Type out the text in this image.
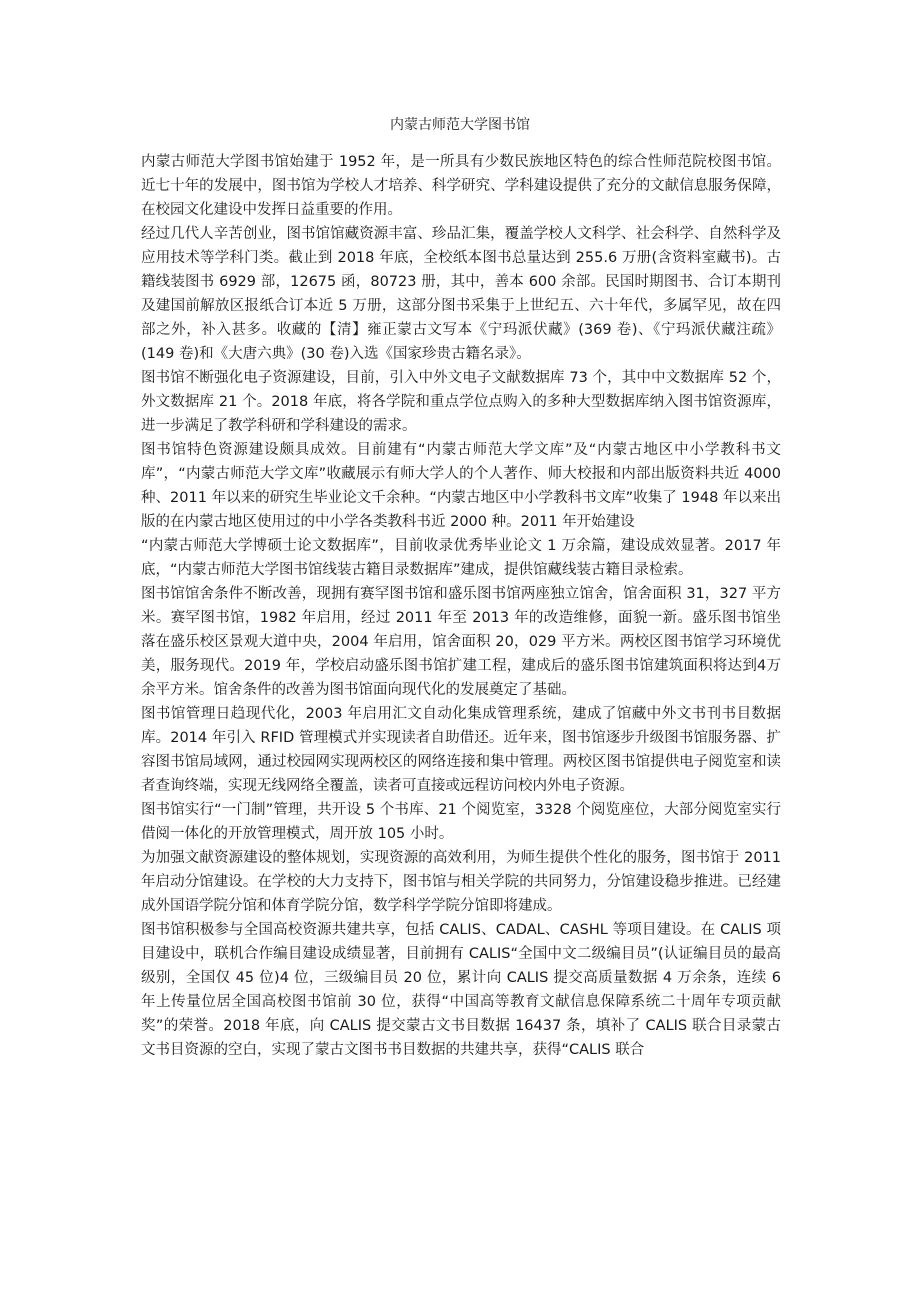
内蒙古师范大学图书馆

内蒙古师范大学图书馆始建于 1952 年，是一所具有少数民族地区特色的综合性师范院校图书馆。近七十年的发展中，图书馆为学校人才培养、科学研究、学科建设提供了充分的文献信息服务保障，在校园文化建设中发挥日益重要的作用。

经过几代人辛苦创业，图书馆馆藏资源丰富、珍品汇集，覆盖学校人文科学、社会科学、自然科学及应用技术等学科门类。截止到 2018 年底，全校纸本图书总量达到 255.6 万册(含资料室藏书)。古籍线装图书 6929 部，12675 函，80723 册，其中，善本 600 余部。民国时期图书、合订本期刊及建国前解放区报纸合订本近 5 万册，这部分图书采集于上世纪五、六十年代，多属罕见，故在四部之外，补入甚多。收藏的【清】雍正蒙古文写本《宁玛派伏藏》(369 卷)、《宁玛派伏藏注疏》(149 卷)和《大唐六典》(30 卷)入选《国家珍贵古籍名录》。

图书馆不断强化电子资源建设，目前，引入中外文电子文献数据库 73 个，其中中文数据库 52 个，外文数据库 21 个。2018 年底，将各学院和重点学位点购入的多种大型数据库纳入图书馆资源库，进一步满足了教学科研和学科建设的需求。

图书馆特色资源建设颇具成效。目前建有“内蒙古师范大学文库”及“内蒙古地区中小学教科书文库”，“内蒙古师范大学文库”收藏展示有师大学人的个人著作、师大校报和内部出版资料共近 4000 种、2011 年以来的研究生毕业论文千余种。“内蒙古地区中小学教科书文库”收集了 1948 年以来出版的在内蒙古地区使用过的中小学各类教科书近 2000 种。2011 年开始建设

“内蒙古师范大学博硕士论文数据库”，目前收录优秀毕业论文 1 万余篇，建设成效显著。2017 年底，“内蒙古师范大学图书馆线装古籍目录数据库”建成，提供馆藏线装古籍目录检索。

图书馆馆舍条件不断改善，现拥有赛罕图书馆和盛乐图书馆两座独立馆舍，馆舍面积 31，327 平方米。赛罕图书馆，1982 年启用，经过 2011 年至 2013 年的改造维修，面貌一新。盛乐图书馆坐落在盛乐校区景观大道中央，2004 年启用，馆舍面积 20，029 平方米。两校区图书馆学习环境优美，服务现代。2019 年，学校启动盛乐图书馆扩建工程，建成后的盛乐图书馆建筑面积将达到4万余平方米。馆舍条件的改善为图书馆面向现代化的发展奠定了基础。

图书馆管理日趋现代化，2003 年启用汇文自动化集成管理系统，建成了馆藏中外文书刊书目数据库。2014 年引入 RFID 管理模式并实现读者自助借还。近年来，图书馆逐步升级图书馆服务器、扩容图书馆局域网，通过校园网实现两校区的网络连接和集中管理。两校区图书馆提供电子阅览室和读者查询终端，实现无线网络全覆盖，读者可直接或远程访问校内外电子资源。

图书馆实行“一门制”管理，共开设 5 个书库、21 个阅览室，3328 个阅览座位，大部分阅览室实行借阅一体化的开放管理模式，周开放 105 小时。

为加强文献资源建设的整体规划，实现资源的高效利用，为师生提供个性化的服务，图书馆于 2011 年启动分馆建设。在学校的大力支持下，图书馆与相关学院的共同努力，分馆建设稳步推进。已经建成外国语学院分馆和体育学院分馆，数学科学学院分馆即将建成。

图书馆积极参与全国高校资源共建共享，包括 CALIS、CADAL、CASHL 等项目建设。在 CALIS 项目建设中，联机合作编目建设成绩显著，目前拥有 CALIS“全国中文二级编目员”(认证编目员的最高级别，全国仅 45 位)4 位，三级编目员 20 位，累计向 CALIS 提交高质量数据 4 万余条，连续 6 年上传量位居全国高校图书馆前 30 位，获得“中国高等教育文献信息保障系统二十周年专项贡献奖”的荣誉。2018 年底，向 CALIS 提交蒙古文书目数据 16437 条，填补了 CALIS 联合目录蒙古文书目资源的空白，实现了蒙古文图书书目数据的共建共享，获得“CALIS 联合
